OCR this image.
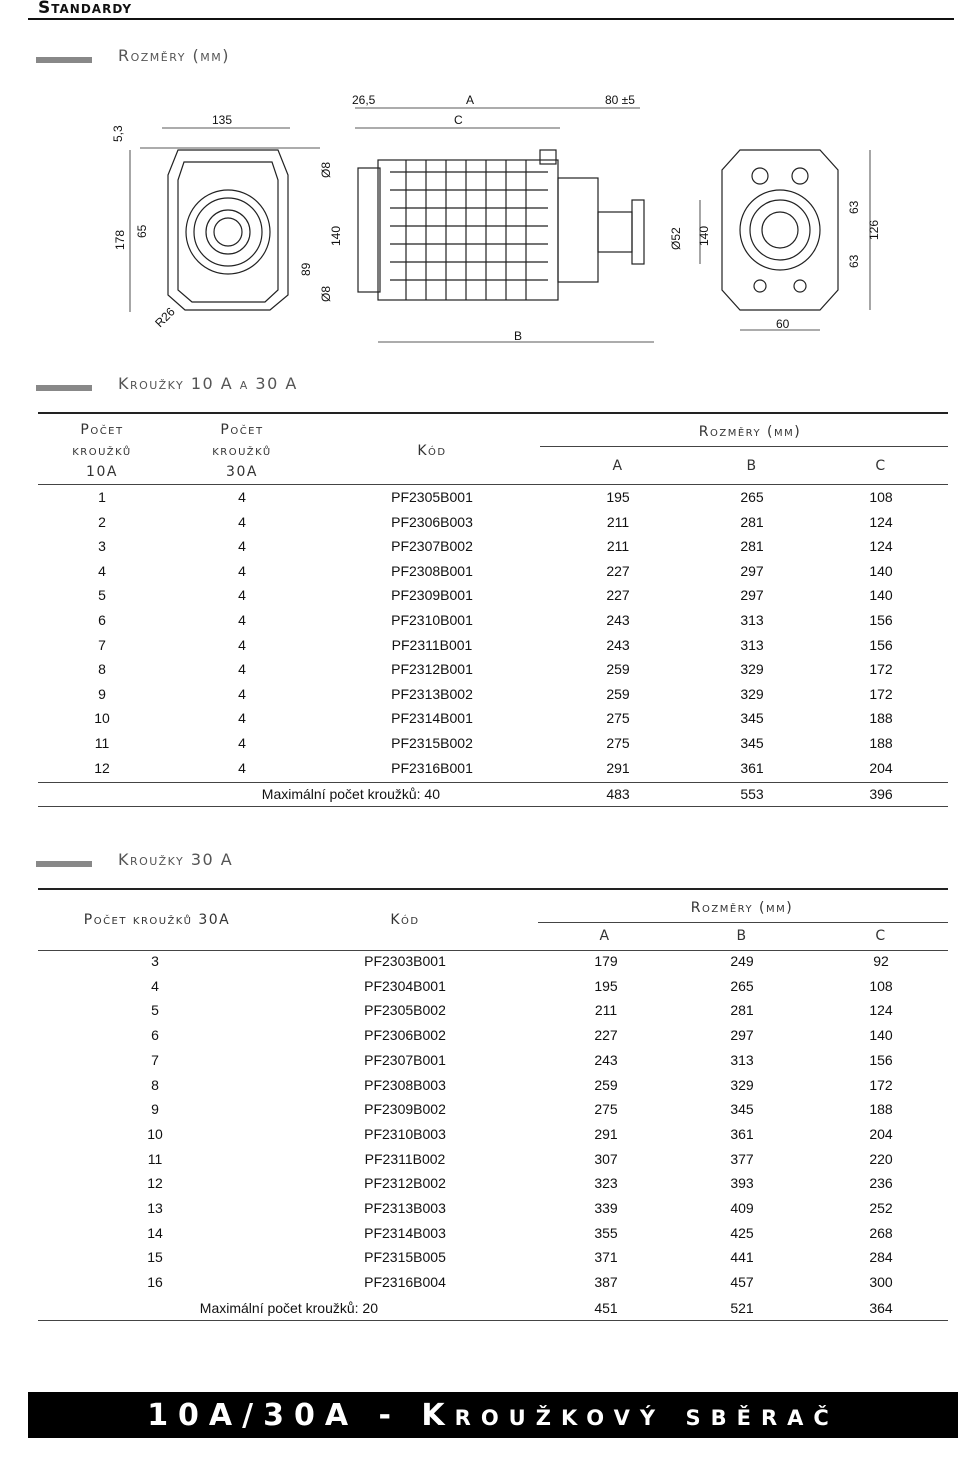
Standardy
Rozměry (mm)
5,3
135
26,5	A	80 ±5
C
178 65
89
140
R26
Ø8
Ø8
B
Ø52 140
63
63
126
60
Kroužky 10 A a 30 A
Počet
kroužků
10A
Počet
kroužků
30A
Kód
Rozměry (mm)
A	B	C
1	4	PF2305B001	195	265	108
2	4	PF2306B003	211	281	124
3	4	PF2307B002	211	281	124
4	4	PF2308B001	227	297	140
5	4	PF2309B001	227	297	140
6	4	PF2310B001	243	313	156
7	4	PF2311B001	243	313	156
8	4	PF2312B001	259	329	172
9	4	PF2313B002	259	329	172
10	4	PF2314B001	275	345	188
11	4	PF2315B002	275	345	188
12	4	PF2316B001	291	361	204
Maximální počet kroužků: 40	483	553	396
Kroužky 30 A
Počet kroužků 30A	Kód
Rozměry (mm)
A	B	C
3	PF2303B001	179	249	92
4	PF2304B001	195	265	108
5	PF2305B002	211	281	124
6	PF2306B002	227	297	140
7	PF2307B001	243	313	156
8	PF2308B003	259	329	172
9	PF2309B002	275	345	188
10	PF2310B003	291	361	204
11	PF2311B002	307	377	220
12	PF2312B002	323	393	236
13	PF2313B003	339	409	252
14	PF2314B003	355	425	268
15	PF2315B005	371	441	284
16	PF2316B004	387	457	300
Maximální počet kroužků: 20	451	521	364
10A/30A - Kroužkový sběrač
